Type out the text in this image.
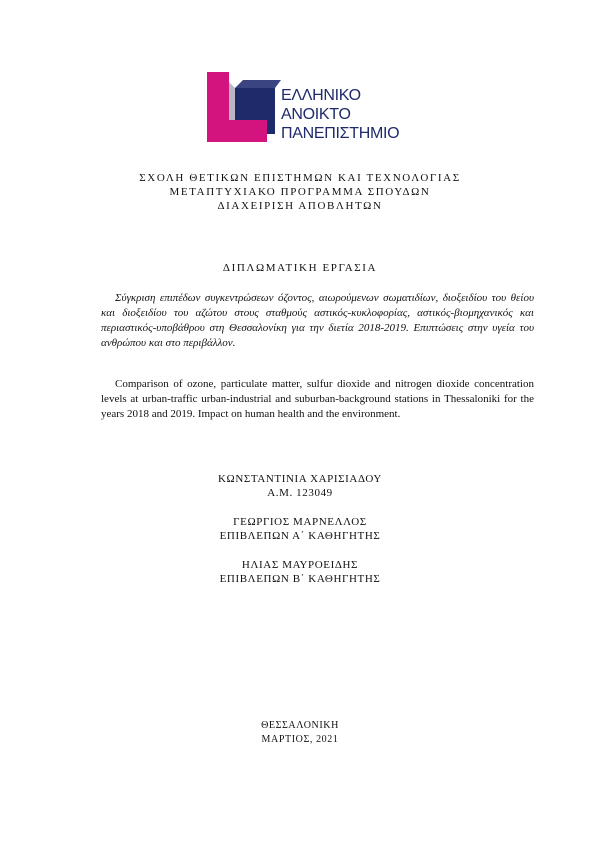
ΕΛΛΗΝΙΚΟ
ΑΝΟΙΚΤΟ
ΠΑΝΕΠΙΣΤΗΜΙΟ
ΣΧΟΛΗ ΘΕΤΙΚΩΝ ΕΠΙΣΤΗΜΩΝ ΚΑΙ ΤΕΧΝΟΛΟΓΙΑΣ
ΜΕΤΑΠΤΥΧΙΑΚΟ ΠΡΟΓΡΑΜΜΑ ΣΠΟΥΔΩΝ
ΔΙΑΧΕΙΡΙΣΗ ΑΠΟΒΛΗΤΩΝ
ΔΙΠΛΩΜΑΤΙΚΗ ΕΡΓΑΣΙΑ
Σύγκριση επιπέδων συγκεντρώσεων όζοντος, αιωρούμενων σωματιδίων, διοξειδίου του θείου και διοξειδίου του αζώτου στους σταθμούς αστικός-κυκλοφορίας, αστικός-βιομηχανικός και περιαστικός-υποβάθρου στη Θεσσαλονίκη για την διετία 2018-2019. Επιπτώσεις στην υγεία του ανθρώπου και στο περιβάλλον.
Comparison of ozone, particulate matter, sulfur dioxide and nitrogen dioxide concentration levels at urban-traffic urban-industrial and suburban-background stations in Thessaloniki for the years 2018 and 2019. Impact on human health and the environment.
ΚΩΝΣΤΑΝΤΙΝΙΑ ΧΑΡΙΣΙΑΔΟΥ
Α.Μ. 123049
ΓΕΩΡΓΙΟΣ ΜΑΡΝΕΛΛΟΣ
ΕΠΙΒΛΕΠΩΝ Α΄ ΚΑΘΗΓΗΤΗΣ
ΗΛΙΑΣ ΜΑΥΡΟΕΙΔΗΣ
ΕΠΙΒΛΕΠΩΝ Β΄ ΚΑΘΗΓΗΤΗΣ
ΘΕΣΣΑΛΟΝΙΚΗ
ΜΑΡΤΙΟΣ, 2021
